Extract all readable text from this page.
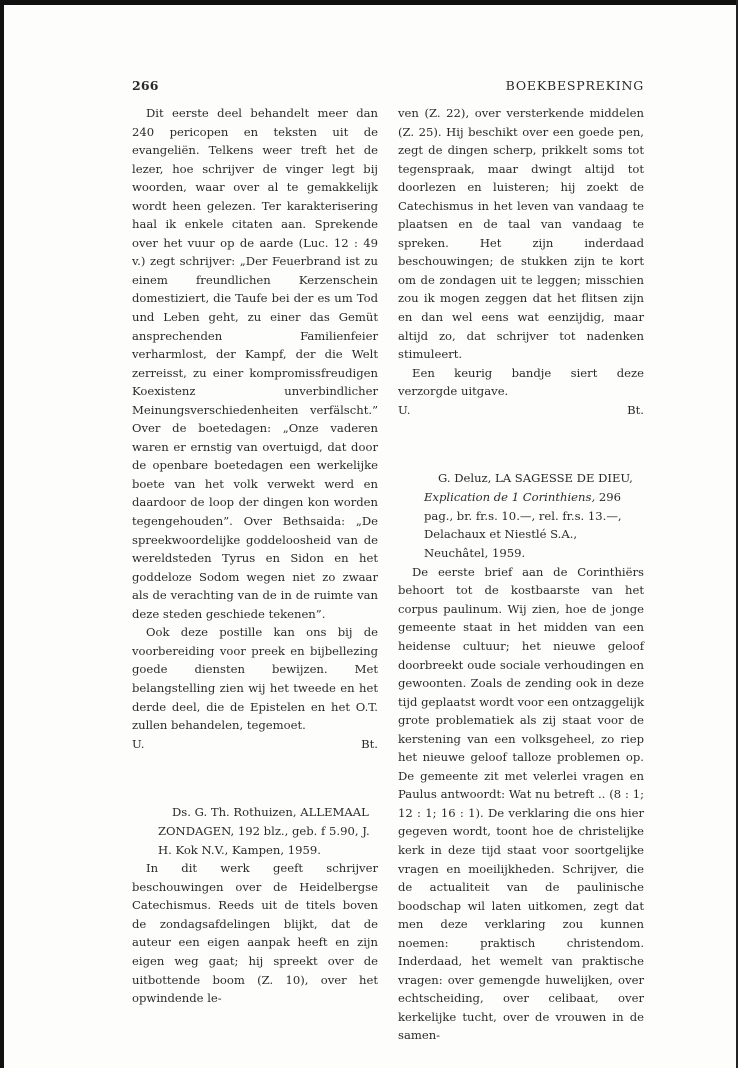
266	BOEKBESPREKING

Dit eerste deel behandelt meer dan 240 pericopen en teksten uit de evangeliën. Telkens weer treft het de lezer, hoe schrijver de vinger legt bij woorden, waar over al te gemakkelijk wordt heen gelezen. Ter karakterisering haal ik enkele citaten aan. Sprekende over het vuur op de aarde (Luc. 12 : 49 v.) zegt schrijver: „Der Feuerbrand ist zu einem freundlichen Kerzenschein domestiziert, die Taufe bei der es um Tod und Leben geht, zu einer das Gemüt ansprechenden Familienfeier verharmlost, der Kampf, der die Welt zerreisst, zu einer kompromissfreudigen Koexistenz unverbindlicher Meinungsverschiedenheiten verfälscht.” Over de boetedagen: „Onze vaderen waren er ernstig van overtuigd, dat door de openbare boetedagen een werkelijke boete van het volk verwekt werd en daardoor de loop der dingen kon worden tegengehouden”. Over Bethsaida: „De spreekwoordelijke goddeloosheid van de wereldsteden Tyrus en Sidon en het goddeloze Sodom wegen niet zo zwaar als de verachting van de in de ruimte van deze steden geschiede tekenen”.

Ook deze postille kan ons bij de voorbereiding voor preek en bijbellezing goede diensten bewijzen. Met belangstelling zien wij het tweede en het derde deel, die de Epistelen en het O.T. zullen behandelen, tegemoet.

U.	Bt.

Ds. G. Th. Rothuizen, ALLEMAAL ZONDAGEN, 192 blz., geb. f 5.90, J. H. Kok N.V., Kampen, 1959.

In dit werk geeft schrijver beschouwingen over de Heidelbergse Catechismus. Reeds uit de titels boven de zondagsafdelingen blijkt, dat de auteur een eigen aanpak heeft en zijn eigen weg gaat; hij spreekt over de uitbottende boom (Z. 10), over het opwindende le-

ven (Z. 22), over versterkende middelen (Z. 25). Hij beschikt over een goede pen, zegt de dingen scherp, prikkelt soms tot tegenspraak, maar dwingt altijd tot doorlezen en luisteren; hij zoekt de Catechismus in het leven van vandaag te plaatsen en de taal van vandaag te spreken. Het zijn inderdaad beschouwingen; de stukken zijn te kort om de zondagen uit te leggen; misschien zou ik mogen zeggen dat het flitsen zijn en dan wel eens wat eenzijdig, maar altijd zo, dat schrijver tot nadenken stimuleert.

Een keurig bandje siert deze verzorgde uitgave.

U.	Bt.

G. Deluz, LA SAGESSE DE DIEU, Explication de 1 Corinthiens, 296 pag., br. fr.s. 10.—, rel. fr.s. 13.—, Delachaux et Niestlé S.A., Neuchâtel, 1959.

De eerste brief aan de Corinthiërs behoort tot de kostbaarste van het corpus paulinum. Wij zien, hoe de jonge gemeente staat in het midden van een heidense cultuur; het nieuwe geloof doorbreekt oude sociale verhoudingen en gewoonten. Zoals de zending ook in deze tijd geplaatst wordt voor een ontzaggelijk grote problematiek als zij staat voor de kerstening van een volksgeheel, zo riep het nieuwe geloof talloze problemen op. De gemeente zit met velerlei vragen en Paulus antwoordt: Wat nu betreft .. (8 : 1; 12 : 1; 16 : 1). De verklaring die ons hier gegeven wordt, toont hoe de christelijke kerk in deze tijd staat voor soortgelijke vragen en moeilijkheden. Schrijver, die de actualiteit van de paulinische boodschap wil laten uitkomen, zegt dat men deze verklaring zou kunnen noemen: praktisch christendom. Inderdaad, het wemelt van praktische vragen: over gemengde huwelijken, over echtscheiding, over celibaat, over kerkelijke tucht, over de vrouwen in de samen-
